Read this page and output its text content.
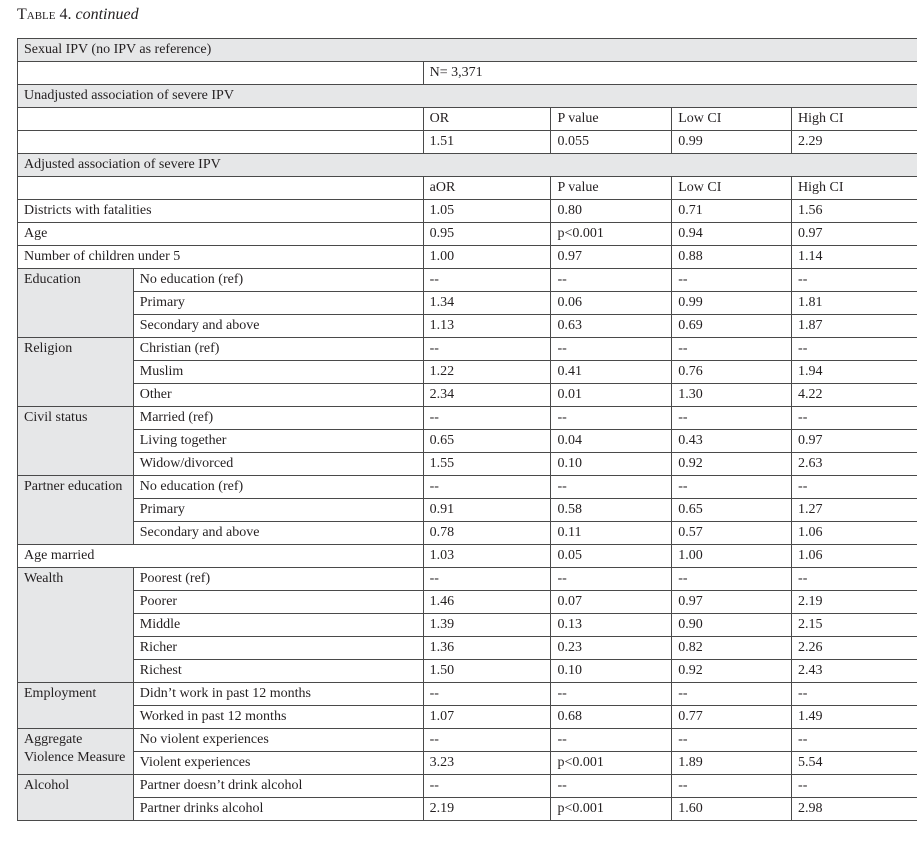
Table 4. continued
Sexual IPV (no IPV as reference)					
		N= 3,371			
Unadjusted association of severe IPV					
		OR	P value	Low CI	High CI
		1.51	0.055	0.99	2.29
Adjusted association of severe IPV					
		aOR	P value	Low CI	High CI
Districts with fatalities		1.05	0.80	0.71	1.56
Age		0.95	p<0.001	0.94	0.97
Number of children under 5		1.00	0.97	0.88	1.14
Education	No education (ref)	--	--	--	--
	Primary	1.34	0.06	0.99	1.81
	Secondary and above	1.13	0.63	0.69	1.87
Religion	Christian (ref)	--	--	--	--
	Muslim	1.22	0.41	0.76	1.94
	Other	2.34	0.01	1.30	4.22
Civil status	Married (ref)	--	--	--	--
	Living together	0.65	0.04	0.43	0.97
	Widow/divorced	1.55	0.10	0.92	2.63
Partner education	No education (ref)	--	--	--	--
	Primary	0.91	0.58	0.65	1.27
	Secondary and above	0.78	0.11	0.57	1.06
Age married		1.03	0.05	1.00	1.06
Wealth	Poorest (ref)	--	--	--	--
	Poorer	1.46	0.07	0.97	2.19
	Middle	1.39	0.13	0.90	2.15
	Richer	1.36	0.23	0.82	2.26
	Richest	1.50	0.10	0.92	2.43
Employment	Didn’t work in past 12 months	--	--	--	--
	Worked in past 12 months	1.07	0.68	0.77	1.49
Aggregate Violence Measure	No violent experiences	--	--	--	--
	Violent experiences	3.23	p<0.001	1.89	5.54
Alcohol	Partner doesn’t drink alcohol	--	--	--	--
	Partner drinks alcohol	2.19	p<0.001	1.60	2.98
